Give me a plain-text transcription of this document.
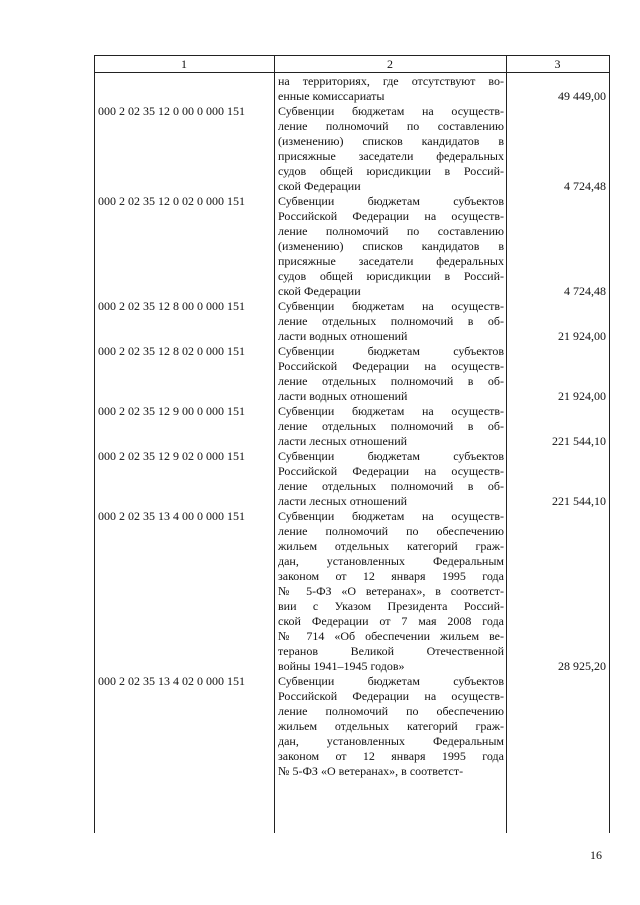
1	2	3
на территориях, где отсутствуют во-
енные комиссариаты
Субвенции бюджетам на осуществ-
ление полномочий по составлению
(изменению) списков кандидатов в
присяжные заседатели федеральных
судов общей юрисдикции в Россий-
ской Федерации
000 2 02 35 12 0 00 0 000 151
49 449,00
Субвенции бюджетам субъектов
Российской Федерации на осуществ-
ление полномочий по составлению
(изменению) списков кандидатов в
присяжные заседатели федеральных
судов общей юрисдикции в Россий-
ской Федерации
000 2 02 35 12 0 02 0 000 151
4 724,48
Субвенции бюджетам на осуществ-
ление отдельных полномочий в об-
ласти водных отношений
000 2 02 35 12 8 00 0 000 151
4 724,48
Субвенции бюджетам субъектов
Российской Федерации на осуществ-
ление отдельных полномочий в об-
ласти водных отношений
000 2 02 35 12 8 02 0 000 151
21 924,00
Субвенции бюджетам на осуществ-
ление отдельных полномочий в об-
ласти лесных отношений
000 2 02 35 12 9 00 0 000 151
21 924,00
Субвенции бюджетам субъектов
Российской Федерации на осуществ-
ление отдельных полномочий в об-
ласти лесных отношений
000 2 02 35 12 9 02 0 000 151
221 544,10
Субвенции бюджетам на осуществ-
ление полномочий по обеспечению
жильем отдельных категорий граж-
дан, установленных Федеральным
законом от 12 января 1995 года
№ 5-ФЗ «О ветеранах», в соответст-
вии с Указом Президента Россий-
ской Федерации от 7 мая 2008 года
№ 714 «Об обеспечении жильем ве-
теранов Великой Отечественной
войны 1941–1945 годов»
000 2 02 35 13 4 00 0 000 151
221 544,10
Субвенции бюджетам субъектов
Российской Федерации на осуществ-
ление полномочий по обеспечению
жильем отдельных категорий граж-
дан, установленных Федеральным
законом от 12 января 1995 года
№ 5-ФЗ «О ветеранах», в соответст-
000 2 02 35 13 4 02 0 000 151
28 925,20
16
